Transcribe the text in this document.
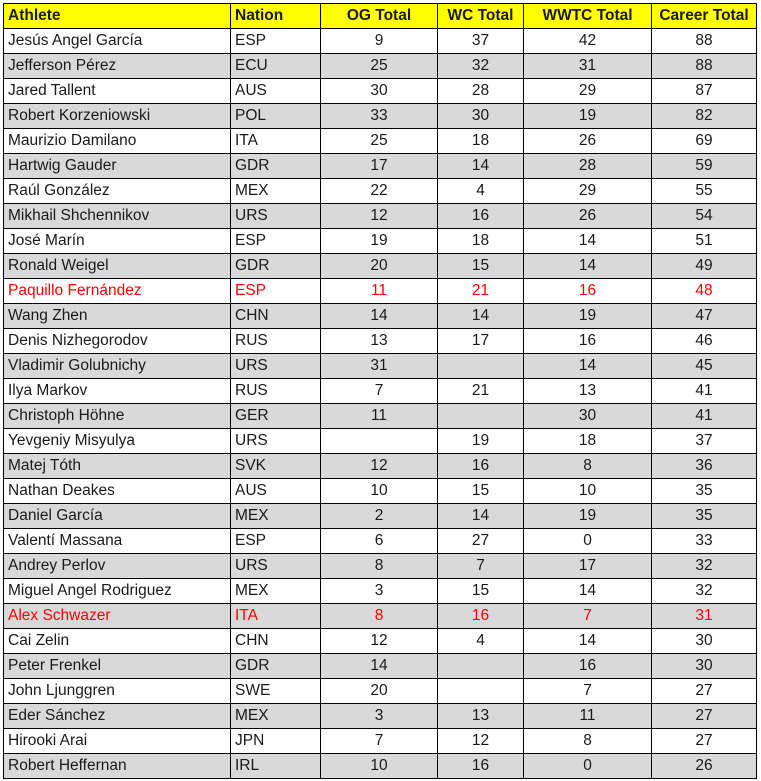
Athlete	Nation	OG Total	WC Total	WWTC Total	Career Total
Jesús Angel García	ESP	9	37	42	88
Jefferson Pérez	ECU	25	32	31	88
Jared Tallent	AUS	30	28	29	87
Robert Korzeniowski	POL	33	30	19	82
Maurizio Damilano	ITA	25	18	26	69
Hartwig Gauder	GDR	17	14	28	59
Raúl González	MEX	22	4	29	55
Mikhail Shchennikov	URS	12	16	26	54
José Marín	ESP	19	18	14	51
Ronald Weigel	GDR	20	15	14	49
Paquillo Fernández	ESP	11	21	16	48
Wang Zhen	CHN	14	14	19	47
Denis Nizhegorodov	RUS	13	17	16	46
Vladimir Golubnichy	URS	31		14	45
Ilya Markov	RUS	7	21	13	41
Christoph Höhne	GER	11		30	41
Yevgeniy Misyulya	URS		19	18	37
Matej Tóth	SVK	12	16	8	36
Nathan Deakes	AUS	10	15	10	35
Daniel García	MEX	2	14	19	35
Valentí Massana	ESP	6	27	0	33
Andrey Perlov	URS	8	7	17	32
Miguel Angel Rodriguez	MEX	3	15	14	32
Alex Schwazer	ITA	8	16	7	31
Cai Zelin	CHN	12	4	14	30
Peter Frenkel	GDR	14		16	30
John Ljunggren	SWE	20		7	27
Eder Sánchez	MEX	3	13	11	27
Hirooki Arai	JPN	7	12	8	27
Robert Heffernan	IRL	10	16	0	26
